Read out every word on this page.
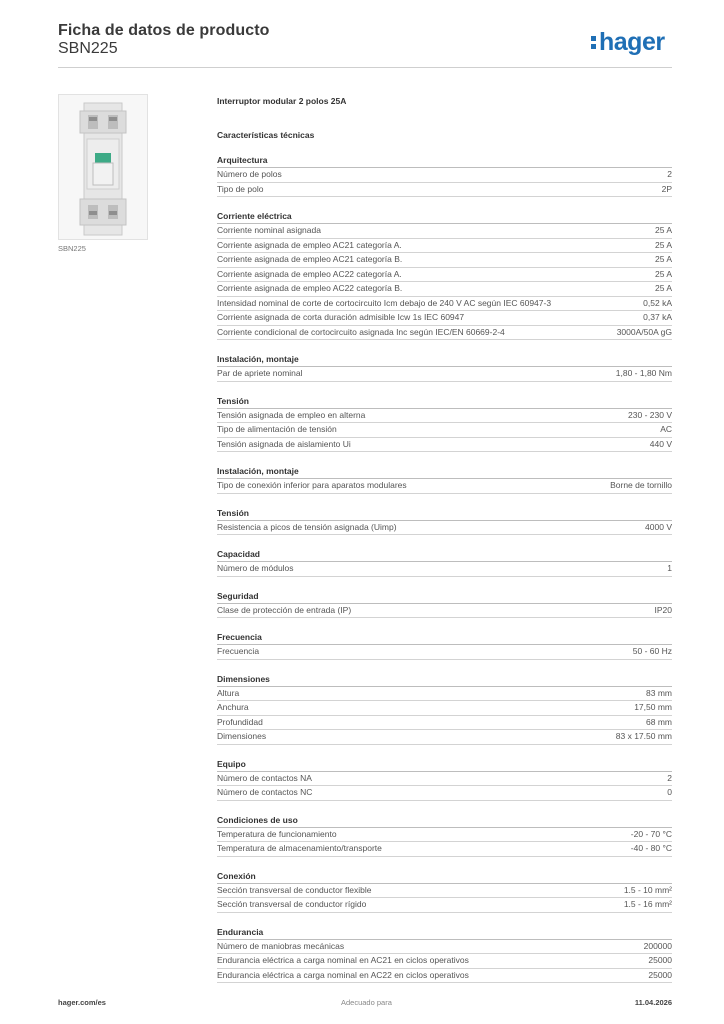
Ficha de datos de producto
SBN225	hager
SBN225
Interruptor modular 2 polos 25A
Características técnicas
Arquitectura
Número de polos	2
Tipo de polo	2P
Corriente eléctrica
Corriente nominal asignada	25 A
Corriente asignada de empleo AC21 categoría A.	25 A
Corriente asignada de empleo AC21 categoría B.	25 A
Corriente asignada de empleo AC22 categoría A.	25 A
Corriente asignada de empleo AC22 categoría B.	25 A
Intensidad nominal de corte de cortocircuito Icm debajo de 240 V AC según IEC 60947-3	0,52 kA
Corriente asignada de corta duración admisible Icw 1s IEC 60947	0,37 kA
Corriente condicional de cortocircuito asignada Inc según IEC/EN 60669-2-4	3000A/50A gG
Instalación, montaje
Par de apriete nominal	1,80 - 1,80 Nm
Tensión
Tensión asignada de empleo en alterna	230 - 230 V
Tipo de alimentación de tensión	AC
Tensión asignada de aislamiento Ui	440 V
Instalación, montaje
Tipo de conexión inferior para aparatos modulares	Borne de tornillo
Tensión
Resistencia a picos de tensión asignada (Uimp)	4000 V
Capacidad
Número de módulos	1
Seguridad
Clase de protección de entrada (IP)	IP20
Frecuencia
Frecuencia	50 - 60 Hz
Dimensiones
Altura	83 mm
Anchura	17,50 mm
Profundidad	68 mm
Dimensiones	83 x 17.50 mm
Equipo
Número de contactos NA	2
Número de contactos NC	0
Condiciones de uso
Temperatura de funcionamiento	-20 - 70 °C
Temperatura de almacenamiento/transporte	-40 - 80 °C
Conexión
Sección transversal de conductor flexible	1.5 - 10 mm²
Sección transversal de conductor rígido	1.5 - 16 mm²
Endurancia
Número de maniobras mecánicas	200000
Endurancia eléctrica a carga nominal en AC21 en ciclos operativos	25000
Endurancia eléctrica a carga nominal en AC22 en ciclos operativos	25000
hager.com/es	Adecuado para	11.04.2026
